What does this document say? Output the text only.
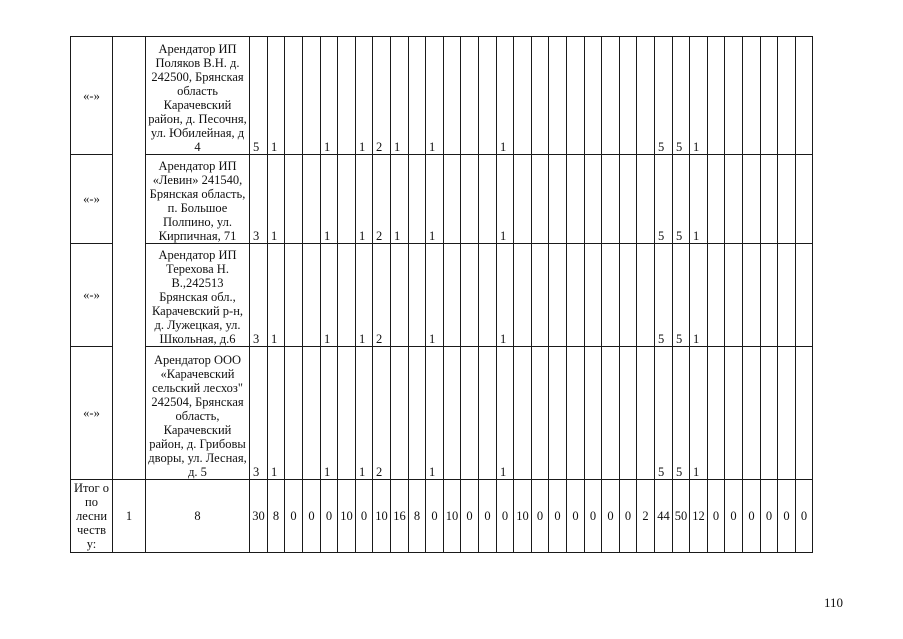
«-»		Арендатор ИП Поляков В.Н. д. 242500, Брянская область Карачевский район, д. Песочня, ул. Юбилейная, д 4	5	1			1		1	2	1		1				1									5	5	1						
«-»		Арендатор ИП «Левин» 241540, Брянская область, п. Большое Полпино, ул. Кирпичная, 71	3	1			1		1	2	1		1				1									5	5	1						
«-»		Арендатор ИП Терехова Н. В.,242513 Брянская обл., Карачевский р-н, д. Лужецкая, ул. Школьная, д.6	3	1			1		1	2			1				1									5	5	1						
«-»		Арендатор ООО «Карачевский сельский лесхоз" 242504, Брянская область, Карачевский район, д. Грибовы дворы, ул. Лесная, д. 5	3	1			1		1	2			1				1									5	5	1						
Итог о по лесни честв у:	1	8	30	8	0	0	0	10	0	10	16	8	0	10	0	0	0	10	0	0	0	0	0	0	2	44	50	12	0	0	0	0	0	0
110
